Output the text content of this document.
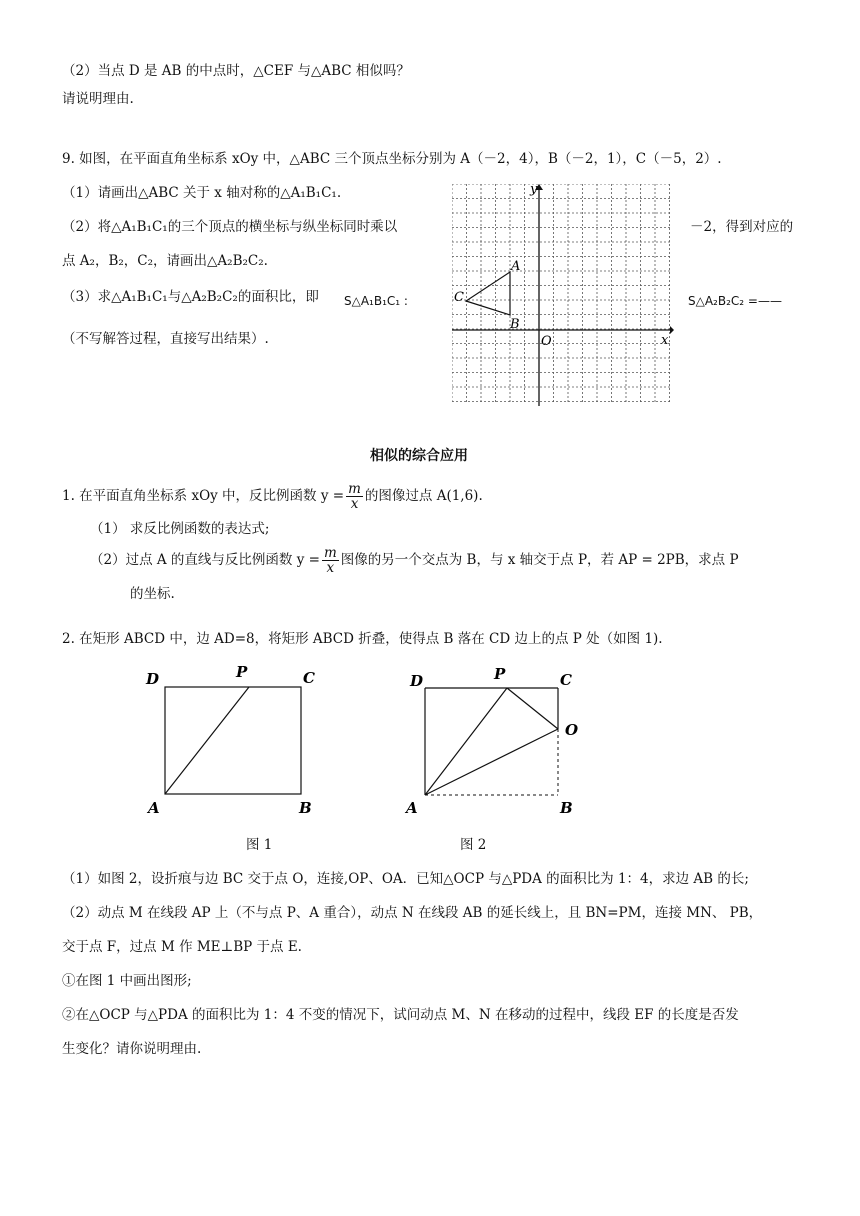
（2）当点 D 是 AB 的中点时，△CEF 与△ABC 相似吗？
请说明理由.
9. 如图，在平面直角坐标系 xOy 中，△ABC 三个顶点坐标分别为 A（－2，4），B（－2，1），C（－5，2）.
（1）请画出△ABC 关于 x 轴对称的△A₁B₁C₁.
（2）将△A₁B₁C₁的三个顶点的横坐标与纵坐标同时乘以	－2，得到对应的
点 A₂，B₂，C₂，请画出△A₂B₂C₂.
（3）求△A₁B₁C₁与△A₂B₂C₂的面积比，即 S△A₁B₁C₁ :	S△A₂B₂C₂ =——
（不写解答过程，直接写出结果）.
y
x
O
A
B
C
相似的综合应用
1. 在平面直角坐标系 xOy 中，反比例函数 $y = \frac{m}{x}$ 的图像过点 A(1,6).
（1） 求反比例函数的表达式;
（2）过点 A 的直线与反比例函数 $y = \frac{m}{x}$ 图像的另一个交点为 B，与 x 轴交于点 P，若 AP = 2PB，求点 P
的坐标.
2. 在矩形 ABCD 中，边 AD=8，将矩形 ABCD 折叠，使得点 B 落在 CD 边上的点 P 处（如图 1).
D	P	C
A	B
图 1
D	P	C
O
A	B
图 2
（1）如图 2，设折痕与边 BC 交于点 O，连接,OP、OA．已知△OCP 与△PDA 的面积比为 1：4，求边 AB 的长;
（2）动点 M 在线段 AP 上（不与点 P、A 重合），动点 N 在线段 AB 的延长线上，且 BN=PM，连接 MN、 PB，
交于点 F，过点 M 作 ME⊥BP 于点 E.
①在图 1 中画出图形;
②在△OCP 与△PDA 的面积比为 1：4 不变的情况下，试问动点 M、N 在移动的过程中，线段 EF 的长度是否发
生变化？请你说明理由.
